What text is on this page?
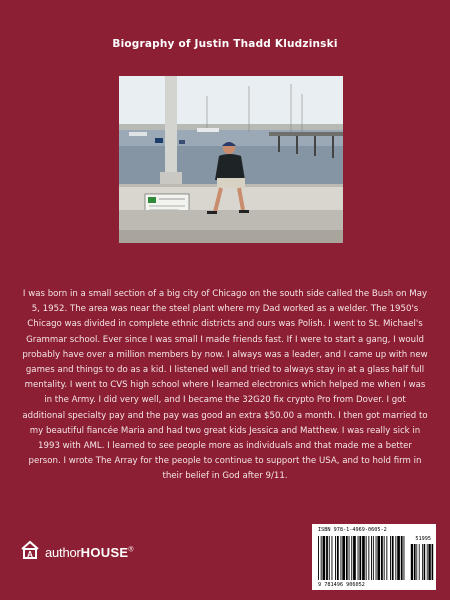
Biography of Justin Thadd Kludzinski

I was born in a small section of a big city of Chicago on the south side called the Bush on May 5, 1952. The area was near the steel plant where my Dad worked as a welder. The 1950's Chicago was divided in complete ethnic districts and ours was Polish. I went to St. Michael's Grammar school. Ever since I was small I made friends fast. If I were to start a gang, I would probably have over a million members by now. I always was a leader, and I came up with new games and things to do as a kid. I listened well and tried to always stay in at a glass half full mentality. I went to CVS high school where I learned electronics which helped me when I was in the Army. I did very well, and I became the 32G20 fix crypto Pro from Dover. I got additional specialty pay and the pay was good an extra $50.00 a month. I then got married to my beautiful fiancée Maria and had two great kids Jessica and Matthew. I was really sick in 1993 with AML. I learned to see people more as individuals and that made me a better person. I wrote The Array for the people to continue to support the USA, and to hold firm in their belief in God after 9/11.

A authorHOUSE®
ISBN 978-1-4969-0605-2
51995
9 781496 906052
